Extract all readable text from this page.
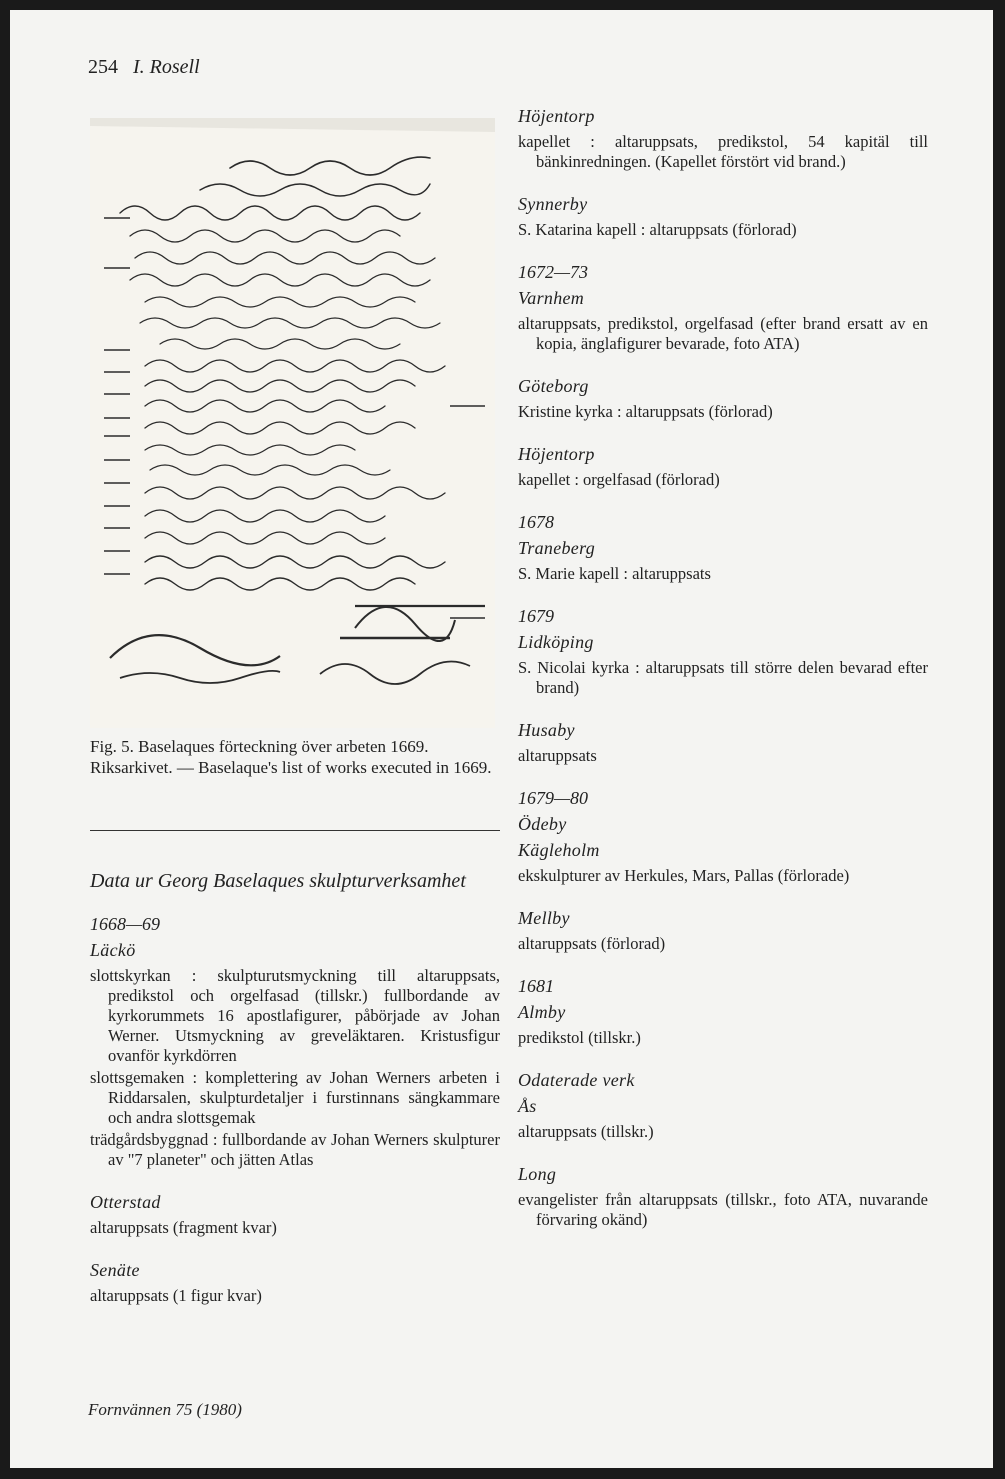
254 I. Rosell
Fig. 5. Baselaques förteckning över arbeten 1669. Riksarkivet. — Baselaque's list of works executed in 1669.
Data ur Georg Baselaques skulpturverksamhet
1668—69
Läckö
slottskyrkan : skulpturutsmyckning till altaruppsats, predikstol och orgelfasad (tillskr.) fullbordande av kyrkorummets 16 apostlafigurer, påbörjade av Johan Werner. Utsmyckning av greveläktaren. Kristusfigur ovanför kyrkdörren
slottsgemaken : komplettering av Johan Werners arbeten i Riddarsalen, skulpturdetaljer i furstinnans sängkammare och andra slottsgemak
trädgårdsbyggnad : fullbordande av Johan Werners skulpturer av "7 planeter" och jätten Atlas
Otterstad
altaruppsats (fragment kvar)
Senäte
altaruppsats (1 figur kvar)
Höjentorp
kapellet : altaruppsats, predikstol, 54 kapitäl till bänkinredningen. (Kapellet förstört vid brand.)
Synnerby
S. Katarina kapell : altaruppsats (förlorad)
1672—73
Varnhem
altaruppsats, predikstol, orgelfasad (efter brand ersatt av en kopia, änglafigurer bevarade, foto ATA)
Göteborg
Kristine kyrka : altaruppsats (förlorad)
Höjentorp
kapellet : orgelfasad (förlorad)
1678
Traneberg
S. Marie kapell : altaruppsats
1679
Lidköping
S. Nicolai kyrka : altaruppsats till större delen bevarad efter brand)
Husaby
altaruppsats
1679—80
Ödeby
Kägleholm
ekskulpturer av Herkules, Mars, Pallas (förlorade)
Mellby
altaruppsats (förlorad)
1681
Almby
predikstol (tillskr.)
Odaterade verk
Ås
altaruppsats (tillskr.)
Long
evangelister från altaruppsats (tillskr., foto ATA, nuvarande förvaring okänd)
Fornvännen 75 (1980)
